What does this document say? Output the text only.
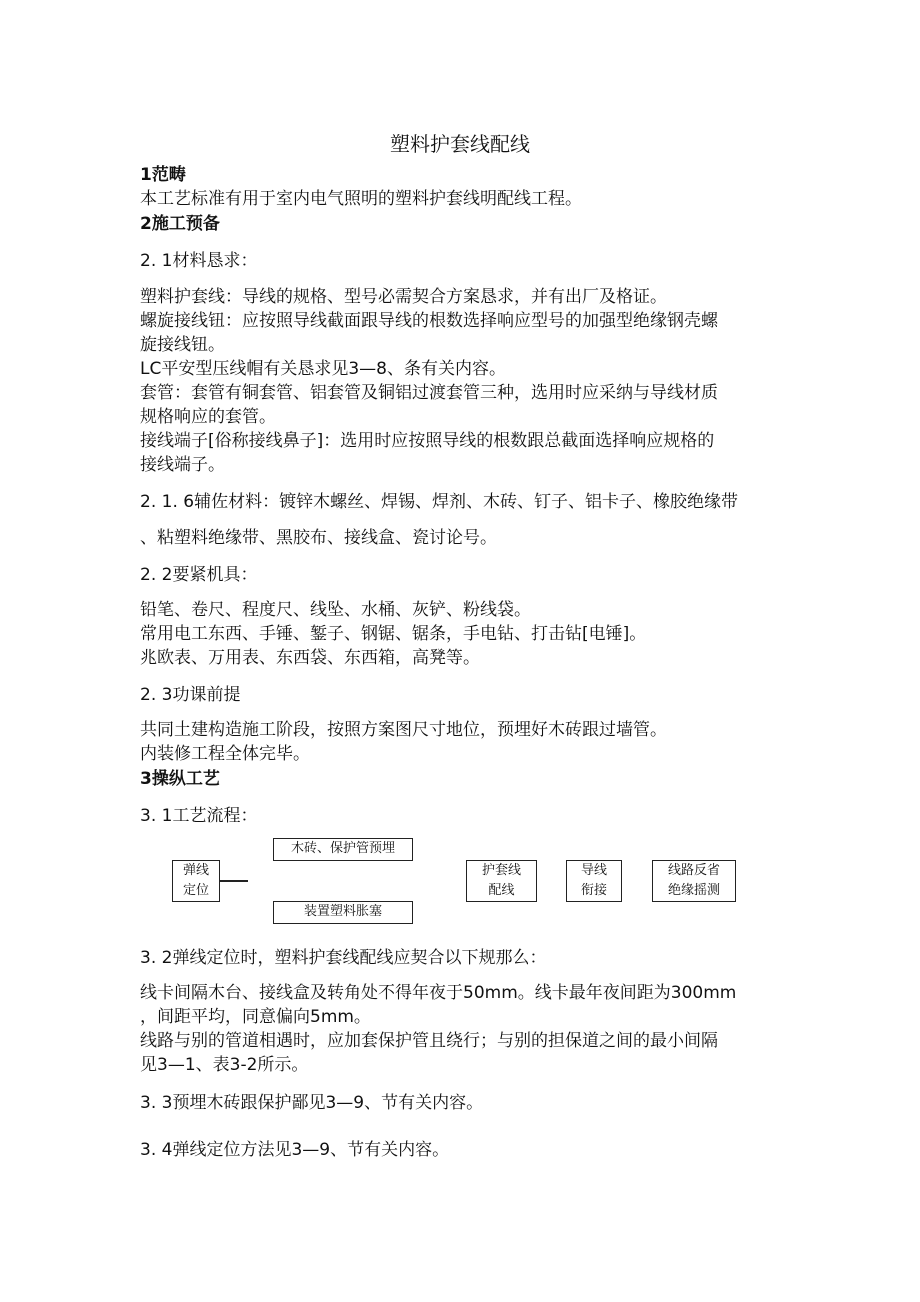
塑料护套线配线
1范畴
本工艺标准有用于室内电气照明的塑料护套线明配线工程。
2施工预备
2. 1材料恳求：
塑料护套线：导线的规格、型号必需契合方案恳求，并有出厂及格证。
螺旋接线钮：应按照导线截面跟导线的根数选择响应型号的加强型绝缘钢壳螺
旋接线钮。
LC平安型压线帽有关恳求见3—8、条有关内容。
套管：套管有铜套管、铝套管及铜铝过渡套管三种，选用时应采纳与导线材质
规格响应的套管。
接线端子[俗称接线鼻子]：选用时应按照导线的根数跟总截面选择响应规格的
接线端子。
2. 1. 6辅佐材料：镀锌木螺丝、焊锡、焊剂、木砖、钉子、铝卡子、橡胶绝缘带
、粘塑料绝缘带、黑胶布、接线盒、瓷讨论号。
2. 2要紧机具：
铅笔、卷尺、程度尺、线坠、水桶、灰铲、粉线袋。
常用电工东西、手锤、錾子、钢锯、锯条，手电钻、打击钻[电锤]。
兆欧表、万用表、东西袋、东西箱，高凳等。
2. 3功课前提
共同土建构造施工阶段，按照方案图尺寸地位，预埋好木砖跟过墙管。
内装修工程全体完毕。
3操纵工艺
3. 1工艺流程：
弹线
定位
木砖、保护管预埋
装置塑料胀塞
护套线
配线
导线
衔接
线路反省
绝缘摇测
3. 2弹线定位时，塑料护套线配线应契合以下规那么：
线卡间隔木台、接线盒及转角处不得年夜于50mm。线卡最年夜间距为300mm
，间距平均，同意偏向5mm。
线路与别的管道相遇时，应加套保护管且绕行；与别的担保道之间的最小间隔
见3—1、表3-2所示。
3. 3预埋木砖跟保护鄙见3—9、节有关内容。
3. 4弹线定位方法见3—9、节有关内容。
